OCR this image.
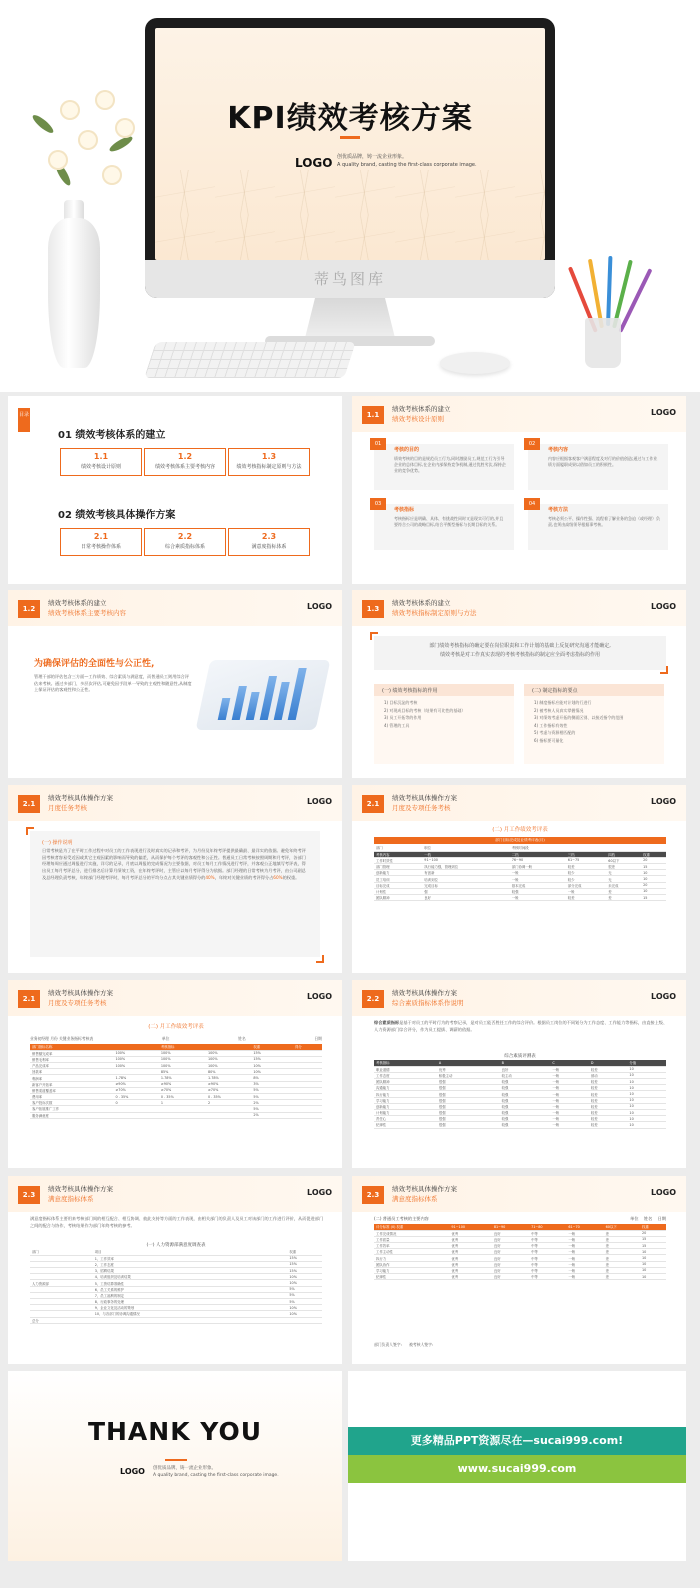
KPI绩效考核方案
LOGO 创优质品牌，铸一流企业形象。
A quality brand, casting the first-class corporate image.
蒂鸟图库
目录
01 绩效考核体系的建立
1.1
绩效考核设计原则
1.2
绩效考核体系主要考核内容
1.3
绩效考核指标制定原则与方法
02 绩效考核具体操作方案
2.1
日常考核操作体系
2.2
综合素质指标体系
2.3
满意度指标体系
1.1
绩效考核体系的建立
绩效考核设计原则
LOGO
01
考核的目的
绩效考核的目的是规范员工行为,同时激励员工,规范工行为引导企业的总体目标,在企业内部保持竞争机制,通过优胜劣汰,保持企业的竞争优势。
02
考核内容
内容应根据客观客户满意程度及对行的价值创造;通过与工作业绩方面履职成果以借如员工的积极性。
03
考核指标
考核指标应是明确、具体、有挑战性同时又是现实可行的,并且要符合公司的战略目标,结合平衡型指标与长期目标的关系。
04
考核方法
考核必须公平、操作性强、流程着了解业务的急迫（或经理）负责,也须由高级领导根据事考核。
1.2
绩效考核体系的建立
绩效考核体系主要考核内容
LOGO
为确保评估的全面性与公正性,
管理干部的评估包含三方面—工作绩效、综合素质与满意度，而普通员工则用综合评估来考核。通过多部门、多层次评估,可避免因手段单一导致的主观性和随意性,从制度上保证评估的客观性和公正性。
1.3
绩效考核体系的建立
绩效考核指标制定原则与方法
LOGO
部门绩效考核指标的确定要在岗位职责和工作计划的基础上反复研究沟通才能确定,
绩效考核是对工作真实表现的考核考核指标的制定应全面考虑指标的作用
(一) 绩效考核指标的作用
1) 目标沉淀的考核
2) 对现成目标的考核（结果有可比性的基础）
3) 员工开拓等的作用
4) 管理的工具
(二) 制定指标的要点
1) 制度指标应能对计划的行进行
2) 被考核人员真实掌握情况
3) 对绩效考虑开拓的侧面区别、以接近指令的范围
4) 工作指标有效性
5) 考虑与资源相匹配的
6) 指标要可量化
2.1
绩效考核具体操作方案
月度任务考核
LOGO
(一) 操作说明
日常考核是为了在平时工作过程中对员工的工作表现进行及时真实的记录和考评，为月份及年终考评提供最确最、最详实的依据。避免年终考评因考核者容易受近因或其它主观因素的影响而导致的偏差，从而保护每个考评的客观性和公正性。普通员工日常考核按照周期和月考评，各部门经理每周应通过周报进行实施，详尽的记录，月底以周报的完成情况为主要依据，对员工每月工作情况进行考评，并客观公正地填写考评表，得出员工每月考评总分，进行排名后计算月绩效工资，在年终考评时，主管应以每月考评得分为依据。部门经理的日常考核为月考评，由公司副总及总经理负责考核，年终部门经理考评时，每月考评总分的平均分点占其关键业绩得分的40%，年终对关键业绩的考评得分占60%的权重。
2.1
绩效考核具体操作方案
月度及专项任务考核
LOGO
(二) 月工作绩效考评表
部门目标完成及业绩考评表(月)
部门	职位	考核时间段			
考核内容	一档	二档	三档	四档	权重
工作时效性	91~100	76~90	61~75	60以下	20
部门管理	执行能力强，管理到位	部门协调一般	较差	很差	15
创新能力	有创新	一般	较少	无	10
员工培训	培训到位	一般	较少	无	10
目标完成	完成目标	基本完成	部分完成	未完成	20
计划性	强	较强	一般	差	10
团队精神	良好	一般	较差	差	15
2.1
绩效考核具体操作方案
月度及专项任务考核
LOGO
(二) 月工作绩效考评表
业务初经理 月份 关键业务指标考核表	单位	姓名	日期
部门指标名称		考核指标		权重		得分
销售额完成率	100%	100%	100%	15%		
销售毛利率	100%	100%	100%	15%		
产品完成率	100%	100%	100%	10%		
回款率		85%	80%	10%		
利润率	1.78%	1.78%	1.78%	8%		
新客户开拓率	≥90%	≥90%	≥90%	3%		
销售渠道覆盖率	≥70%	≥70%	≥70%	5%		
费用率	0 . 35%	0 . 35%	0 . 35%	5%		
客户投诉次数	0	1	2	2%		
客户拓展推广工作				5%		
服务满意度				2%		
2.2
绩效考核具体操作方案
综合素质指标体系作说明
LOGO
综合素质指标是基于对员工的平时行为的考察记录，是对员工能否胜任工作的综合评价。根据员工岗位的不同划分为工作态度、工作能力等指标，由直接上级、人力资源部门综合评分，作为员工提拔、调薪的依据。
综合素质评测表
考核指标	A	B	C	D	分值
职业道德	优秀	良好	一般	较差	10
工作态度	积极主动	较主动	一般	被动	10
团队精神	很强	较强	一般	较差	10
沟通能力	很强	较强	一般	较差	10
执行能力	很强	较强	一般	较差	10
学习能力	很强	较强	一般	较差	10
创新能力	很强	较强	一般	较差	10
计划能力	很强	较强	一般	较差	10
责任心	很强	较强	一般	较差	10
纪律性	很强	较强	一般	较差	10
2.3
绩效考核具体操作方案
满意度指标体系
LOGO
满意度指标体系主要用来考核部门间的相互配合、相互协调、彼此支持等方面的工作表现，由相关部门的负责人及员工对该部门的工作进行评价，从而促进部门之间的配合与协作，考核结果作为部门年终考核的参考。
(一) 人力资源部满意度调查表
部门	项目					权重
	1、工作效率					15%
	2、工作态度					15%
	3、招聘结果					15%
	4、培训组织及培训结果					10%
人力资源部	5、工资结算准确性					10%
	6、员工关系的维护					5%
	7、员工福利的制定					5%
	8、行政事务的处理					5%
	9、企业文化及活动的策划					10%
	10、与各部门的协调沟通情况					10%
总分						
2.3
绩效考核具体操作方案
满意度指标体系
LOGO
(二) 普通员工考核的主要内容	单位 姓名 日期
评分标准 (0) 权重	91~100	81~90	71~80	61~70	60以下	权重
工作完成情况	优秀	良好	中等	一般	差	20
工作质量	优秀	良好	中等	一般	差	15
工作效率	优秀	良好	中等	一般	差	15
工作主动性	优秀	良好	中等	一般	差	10
执行力	优秀	良好	中等	一般	差	10
团队协作	优秀	良好	中等	一般	差	10
学习能力	优秀	良好	中等	一般	差	10
纪律性	优秀	良好	中等	一般	差	10
部门负责人签字: 被考核人签字:
THANK YOU
LOGO 创优质品牌，铸一流企业形象。
A quality brand, casting the first-class corporate image.
更多精品PPT资源尽在—sucai999.com!
www.sucai999.com
